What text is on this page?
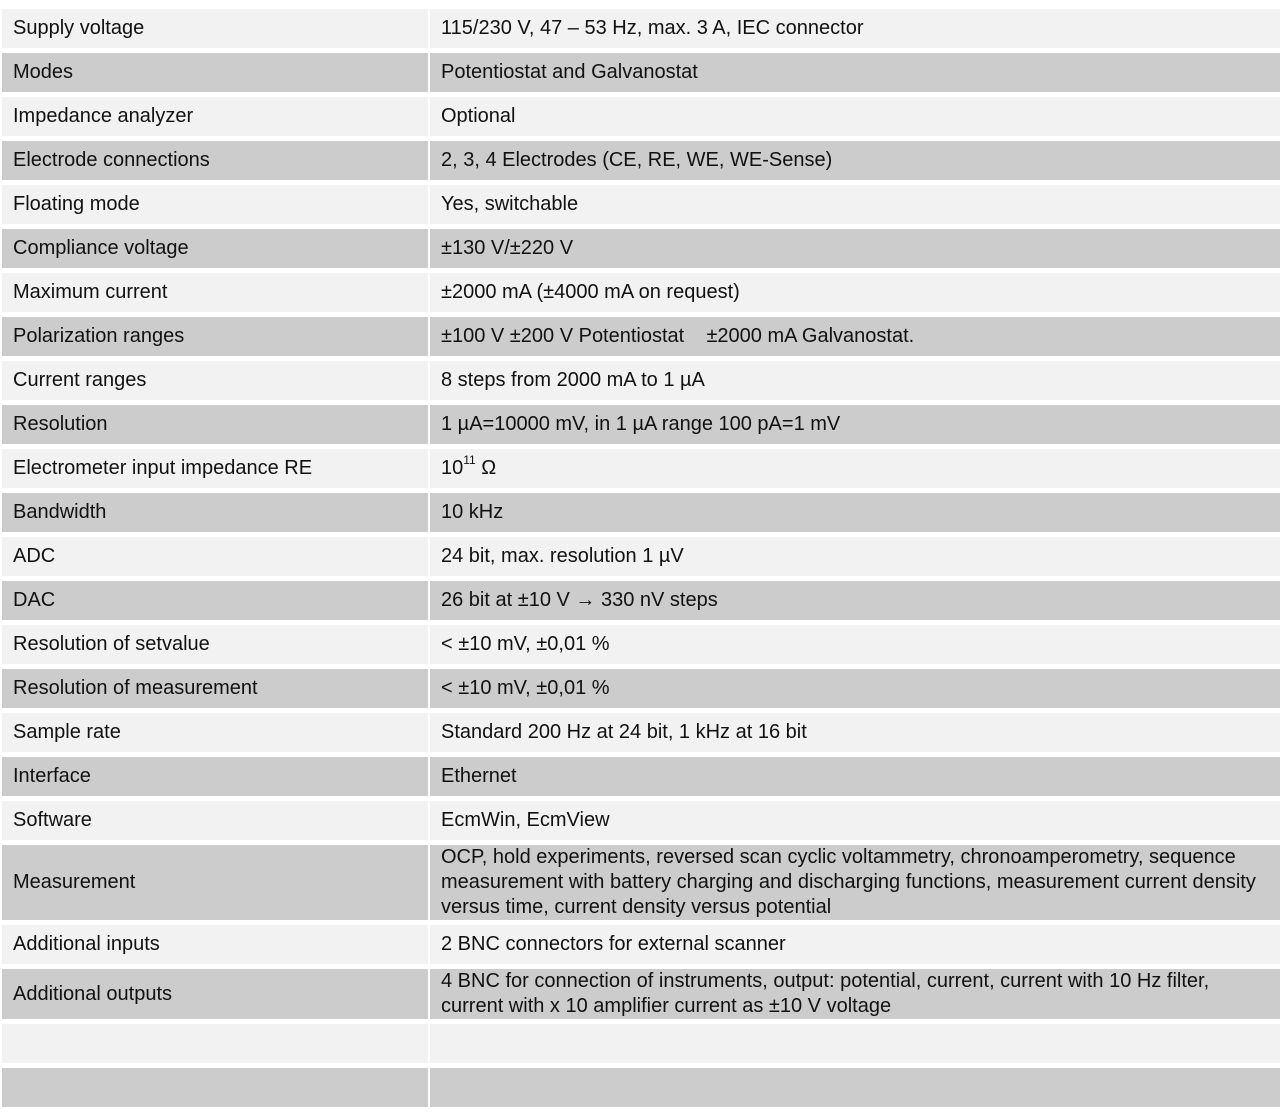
Supply voltage	115/230 V, 47 – 53 Hz, max. 3 A, IEC connector
Modes	Potentiostat and Galvanostat
Impedance analyzer	Optional
Electrode connections	2, 3, 4 Electrodes (CE, RE, WE, WE-Sense)
Floating mode	Yes, switchable
Compliance voltage	±130 V/±220 V
Maximum current	±2000 mA (±4000 mA on request)
Polarization ranges	±100 V ±200 V Potentiostat    ±2000 mA Galvanostat.
Current ranges	8 steps from 2000 mA to 1 µA
Resolution	1 µA=10000 mV, in 1 µA range 100 pA=1 mV
Electrometer input impedance RE	$10^{11}$ Ω
Bandwidth	10 kHz
ADC	24 bit, max. resolution 1 µV
DAC	26 bit at ±10 V → 330 nV steps
Resolution of setvalue	< ±10 mV, ±0,01 %
Resolution of measurement	< ±10 mV, ±0,01 %
Sample rate	Standard 200 Hz at 24 bit, 1 kHz at 16 bit
Interface	Ethernet
Software	EcmWin, EcmView
Measurement	OCP, hold experiments, reversed scan cyclic voltammetry, chronoamperometry, sequence measurement with battery charging and discharging functions, measurement current density versus time, current density versus potential
Additional inputs	2 BNC connectors for external scanner
Additional outputs	4 BNC for connection of instruments, output: potential, current, current with 10 Hz filter, current with x 10 amplifier current as ±10 V voltage
